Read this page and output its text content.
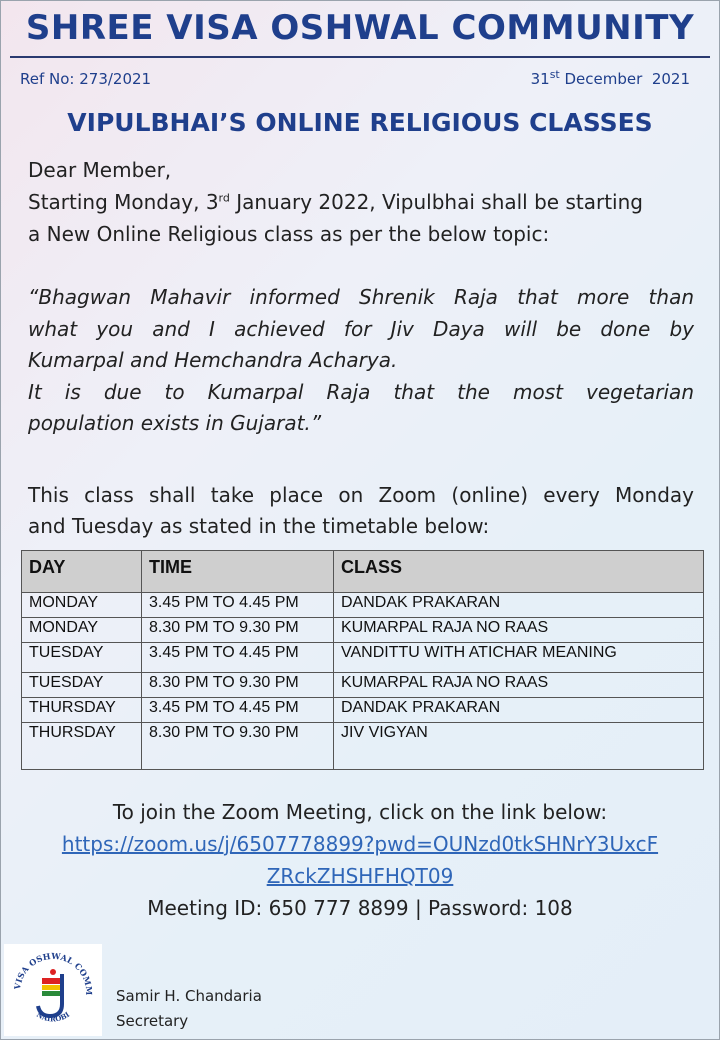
SHREE VISA OSHWAL COMMUNITY
Ref No: 273/2021	31st December  2021
VIPULBHAI’S ONLINE RELIGIOUS CLASSES
Dear Member,
Starting Monday, 3rd January 2022, Vipulbhai shall be starting
a New Online Religious class as per the below topic:
“Bhagwan Mahavir informed Shrenik Raja that more than
what you and I achieved for Jiv Daya will be done by
Kumarpal and Hemchandra Acharya.
It is due to Kumarpal Raja that the most vegetarian
population exists in Gujarat.”
This class shall take place on Zoom (online) every Monday
and Tuesday as stated in the timetable below:
DAY	TIME	CLASS
MONDAY	3.45 PM TO 4.45 PM	DANDAK PRAKARAN
MONDAY	8.30 PM TO 9.30 PM	KUMARPAL RAJA NO RAAS
TUESDAY	3.45 PM TO 4.45 PM	VANDITTU WITH ATICHAR MEANING
TUESDAY	8.30 PM TO 9.30 PM	KUMARPAL RAJA NO RAAS
THURSDAY	3.45 PM TO 4.45 PM	DANDAK PRAKARAN
THURSDAY	8.30 PM TO 9.30 PM	JIV VIGYAN
To join the Zoom Meeting, click on the link below:
https://zoom.us/j/6507778899?pwd=OUNzd0tkSHNrY3UxcF
ZRckZHSHFHQT09
Meeting ID: 650 777 8899 | Password: 108
VISA OSHWAL COMM
NAIROBI
Samir H. Chandaria
Secretary
